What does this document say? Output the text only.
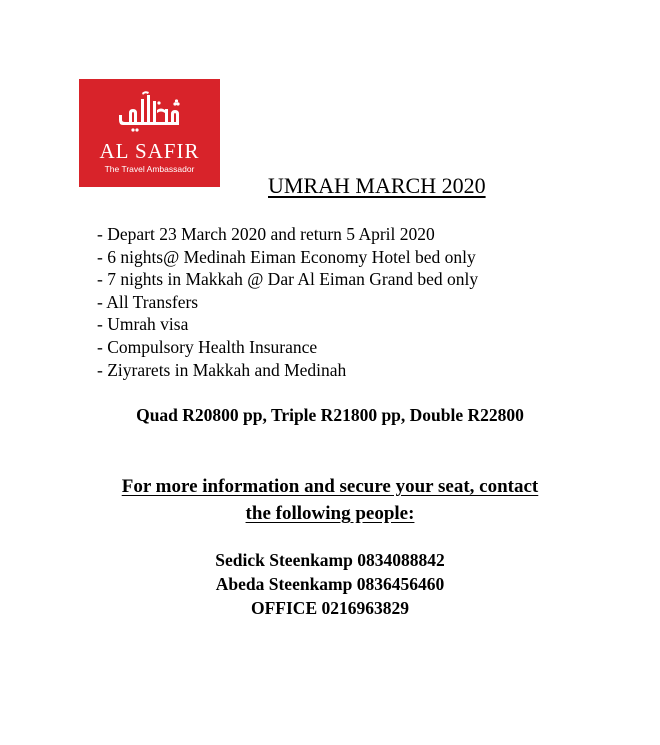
AL SAFIR
The Travel Ambassador
UMRAH MARCH 2020
- Depart 23 March 2020 and return 5 April 2020
- 6 nights@ Medinah Eiman Economy Hotel bed only
- 7 nights in Makkah @ Dar Al Eiman Grand bed only
- All Transfers
- Umrah visa
- Compulsory Health Insurance
- Ziyrarets in Makkah and Medinah
Quad R20800 pp, Triple R21800 pp, Double R22800
For more information and secure your seat, contact
the following people:
Sedick Steenkamp 0834088842
Abeda Steenkamp 0836456460
OFFICE 0216963829
